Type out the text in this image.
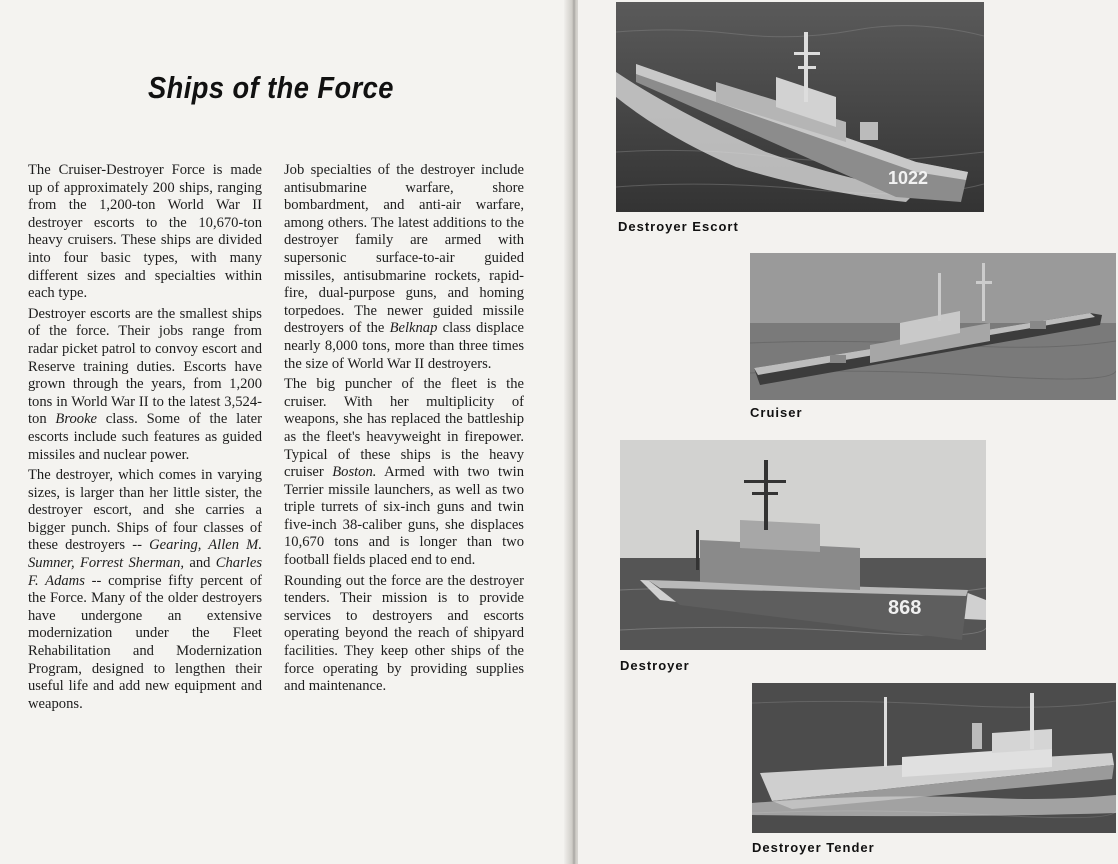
Ships of the Force

The Cruiser-Destroyer Force is made up of approximately 200 ships, ranging from the 1,200-ton World War II destroyer escorts to the 10,670-ton heavy cruisers. These ships are divided into four basic types, with many different sizes and specialties within each type.

Destroyer escorts are the smallest ships of the force. Their jobs range from radar picket patrol to convoy escort and Reserve training duties. Escorts have grown through the years, from 1,200 tons in World War II to the latest 3,524-ton Brooke class. Some of the later escorts include such features as guided missiles and nuclear power.

The destroyer, which comes in varying sizes, is larger than her little sister, the destroyer escort, and she carries a bigger punch. Ships of four classes of these destroyers -- Gearing, Allen M. Sumner, Forrest Sherman, and Charles F. Adams -- comprise fifty percent of the Force. Many of the older destroyers have undergone an extensive modernization under the Fleet Rehabilitation and Modernization Program, designed to lengthen their useful life and add new equipment and weapons.

Job specialties of the destroyer include antisubmarine warfare, shore bombardment, and anti-air warfare, among others. The latest additions to the destroyer family are armed with supersonic surface-to-air guided missiles, antisubmarine rockets, rapid-fire, dual-purpose guns, and homing torpedoes. The newer guided missile destroyers of the Belknap class displace nearly 8,000 tons, more than three times the size of World War II destroyers.

The big puncher of the fleet is the cruiser. With her multiplicity of weapons, she has replaced the battleship as the fleet's heavyweight in firepower. Typical of these ships is the heavy cruiser Boston. Armed with two twin Terrier missile launchers, as well as two triple turrets of six-inch guns and twin five-inch 38-caliber guns, she displaces 10,670 tons and is longer than two football fields placed end to end.

Rounding out the force are the destroyer tenders. Their mission is to provide services to destroyers and escorts operating beyond the reach of shipyard facilities. They keep other ships of the force operating by providing supplies and maintenance.

1022
Destroyer Escort
Cruiser
868
Destroyer
Destroyer Tender
